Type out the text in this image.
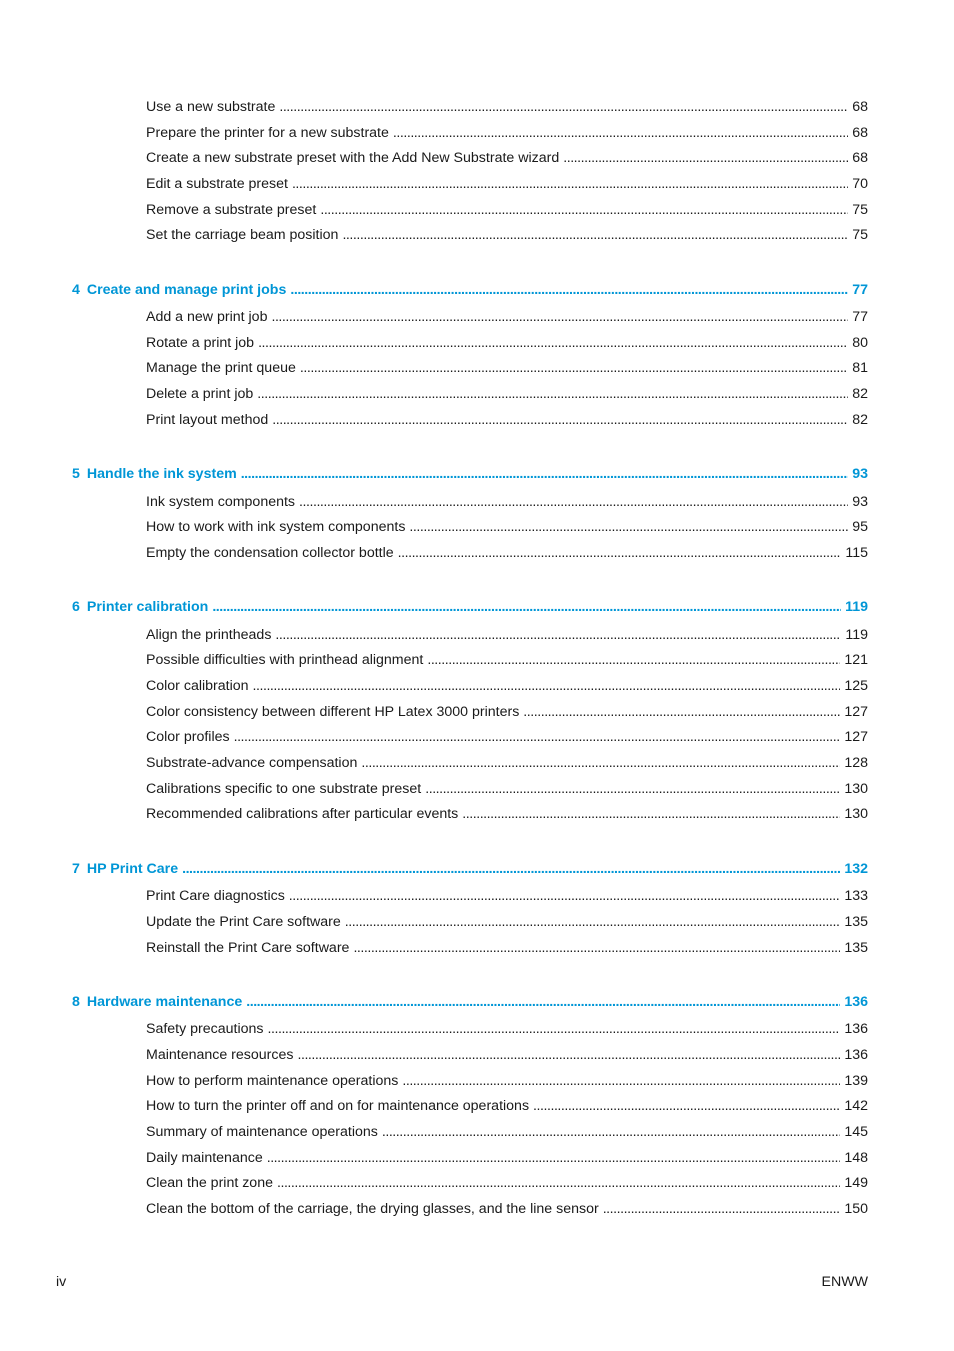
Use a new substrate . . .	68
Prepare the printer for a new substrate . . .	68
Create a new substrate preset with the Add New Substrate wizard . . .	68
Edit a substrate preset . . .	70
Remove a substrate preset . . .	75
Set the carriage beam position . . .	75
4 Create and manage print jobs . . .	77
Add a new print job . . .	77
Rotate a print job . . .	80
Manage the print queue . . .	81
Delete a print job . . .	82
Print layout method . . .	82
5 Handle the ink system . . .	93
Ink system components . . .	93
How to work with ink system components . . .	95
Empty the condensation collector bottle . . .	115
6 Printer calibration . . .	119
Align the printheads . . .	119
Possible difficulties with printhead alignment . . .	121
Color calibration . . .	125
Color consistency between different HP Latex 3000 printers . . .	127
Color profiles . . .	127
Substrate-advance compensation . . .	128
Calibrations specific to one substrate preset . . .	130
Recommended calibrations after particular events . . .	130
7 HP Print Care . . .	132
Print Care diagnostics . . .	133
Update the Print Care software . . .	135
Reinstall the Print Care software . . .	135
8 Hardware maintenance . . .	136
Safety precautions . . .	136
Maintenance resources . . .	136
How to perform maintenance operations . . .	139
How to turn the printer off and on for maintenance operations . . .	142
Summary of maintenance operations . . .	145
Daily maintenance . . .	148
Clean the print zone . . .	149
Clean the bottom of the carriage, the drying glasses, and the line sensor . . .	150
iv	ENWW
